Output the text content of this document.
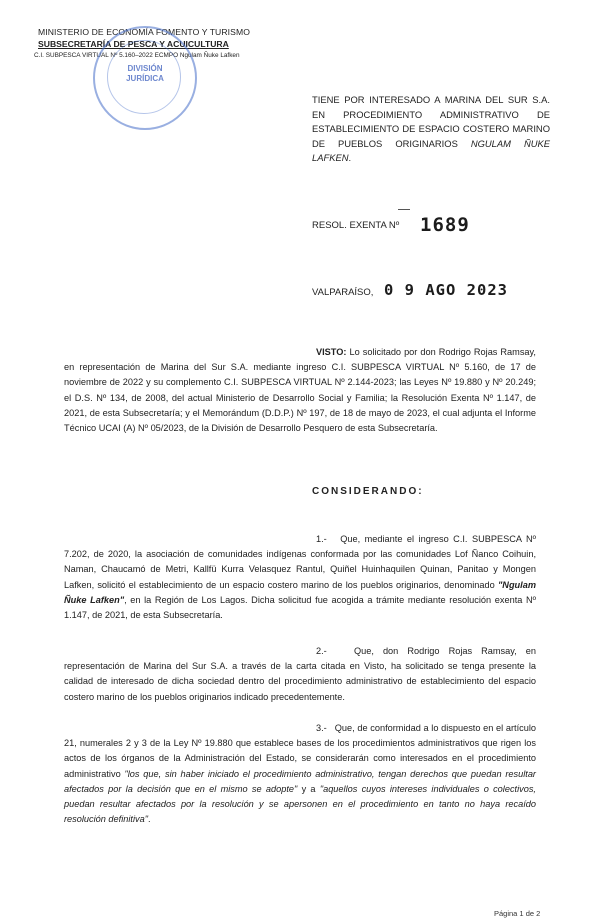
MINISTERIO DE ECONOMÍA FOMENTO Y TURISMO
SUBSECRETARÍA DE PESCA Y ACUICULTURA
C.I. SUBPESCA VIRTUAL Nº 5.160–2022 ECMPO Ngulam Ñuke Lafken
DIVISIÓN
JURÍDICA
TIENE POR INTERESADO A MARINA DEL SUR S.A. EN PROCEDIMIENTO ADMINISTRATIVO DE ESTABLECIMIENTO DE ESPACIO COSTERO MARINO DE PUEBLOS ORIGINARIOS NGULAM ÑUKE LAFKEN.
RESOL. EXENTA Nº 1689
VALPARAÍSO, 0 9 AGO 2023
VISTO: Lo solicitado por don Rodrigo Rojas Ramsay, en representación de Marina del Sur S.A. mediante ingreso C.I. SUBPESCA VIRTUAL Nº 5.160, de 17 de noviembre de 2022 y su complemento C.I. SUBPESCA VIRTUAL Nº 2.144-2023; las Leyes Nº 19.880 y Nº 20.249; el D.S. Nº 134, de 2008, del actual Ministerio de Desarrollo Social y Familia; la Resolución Exenta Nº 1.147, de 2021, de esta Subsecretaría; y el Memorándum (D.D.P.) Nº 197, de 18 de mayo de 2023, el cual adjunta el Informe Técnico UCAI (A) Nº 05/2023, de la División de Desarrollo Pesquero de esta Subsecretaría.
CONSIDERANDO:
1.- Que, mediante el ingreso C.I. SUBPESCA Nº 7.202, de 2020, la asociación de comunidades indígenas conformada por las comunidades Lof Ñanco Coihuin, Naman, Chaucamó de Metri, Kallfü Kurra Velasquez Rantul, Quiñel Huinhaquilen Quinan, Panitao y Mongen Lafken, solicitó el establecimiento de un espacio costero marino de los pueblos originarios, denominado "Ngulam Ñuke Lafken", en la Región de Los Lagos. Dicha solicitud fue acogida a trámite mediante resolución exenta Nº 1.147, de 2021, de esta Subsecretaría.
2.-	Que, don Rodrigo Rojas Ramsay, en representación de Marina del Sur S.A. a través de la carta citada en Visto, ha solicitado se tenga presente la calidad de interesado de dicha sociedad dentro del procedimiento administrativo de establecimiento del espacio costero marino de los pueblos originarios indicado precedentemente.
3.- Que, de conformidad a lo dispuesto en el artículo 21, numerales 2 y 3 de la Ley Nº 19.880 que establece bases de los procedimientos administrativos que rigen los actos de los órganos de la Administración del Estado, se considerarán como interesados en el procedimiento administrativo "los que, sin haber iniciado el procedimiento administrativo, tengan derechos que puedan resultar afectados por la decisión que en el mismo se adopte" y a "aquellos cuyos intereses individuales o colectivos, puedan resultar afectados por la resolución y se apersonen en el procedimiento en tanto no haya recaído resolución definitiva".
Página 1 de 2
